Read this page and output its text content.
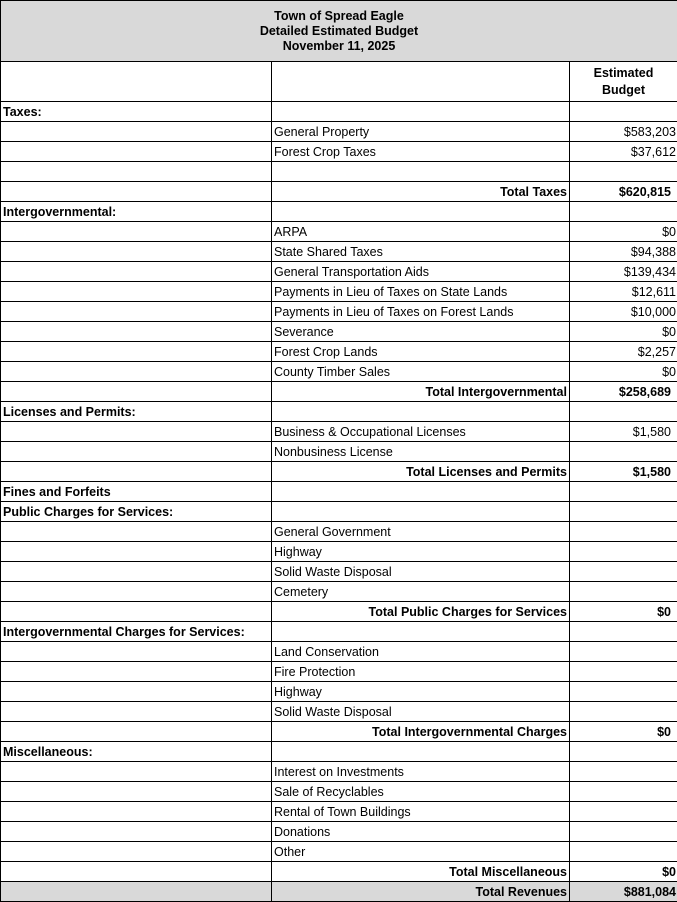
Town of Spread Eagle
Detailed Estimated Budget
November 11, 2025		

		Estimated
Budget

Taxes:		
	General Property	$583,203
	Forest Crop Taxes	$37,612

	Total Taxes	$620,815
Intergovernmental:		
	ARPA	$0
	State Shared Taxes	$94,388
	General Transportation Aids	$139,434
	Payments in Lieu of Taxes on State Lands	$12,611
	Payments in Lieu of Taxes on Forest Lands	$10,000
	Severance	$0
	Forest Crop Lands	$2,257
	County Timber Sales	$0
	Total Intergovernmental	$258,689
Licenses and Permits:		
	Business & Occupational Licenses	$1,580
	Nonbusiness License	
	Total Licenses and Permits	$1,580
Fines and Forfeits		
Public Charges for Services:		
	General Government	
	Highway	
	Solid Waste Disposal	
	Cemetery	
	Total Public Charges for Services	$0
Intergovernmental Charges for Services:		
	Land Conservation	
	Fire Protection	
	Highway	
	Solid Waste Disposal	
	Total Intergovernmental Charges	$0
Miscellaneous:		
	Interest on Investments	
	Sale of Recyclables	
	Rental of Town Buildings	
	Donations	
	Other	
	Total Miscellaneous	$0
	Total Revenues	$881,084
